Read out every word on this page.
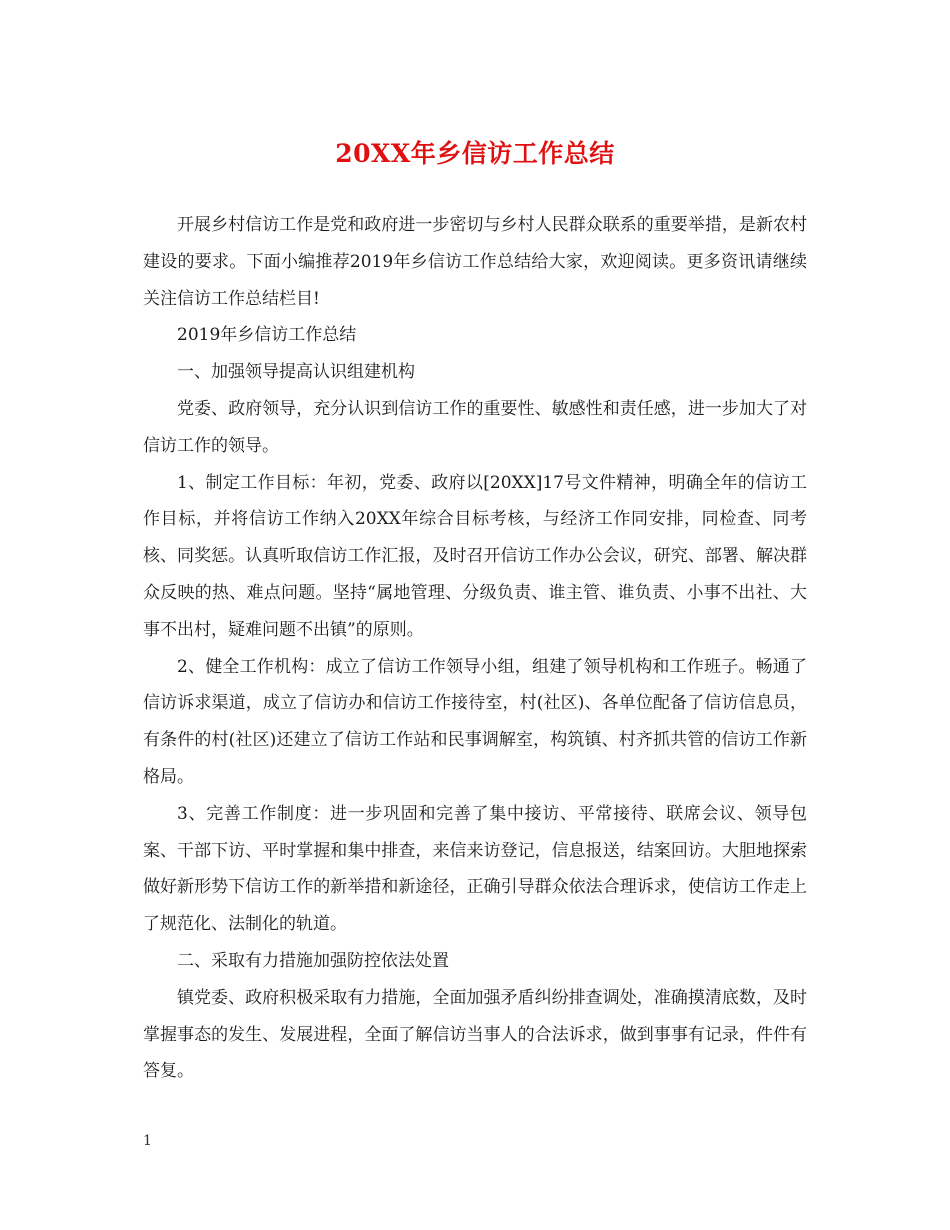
20XX年乡信访工作总结

开展乡村信访工作是党和政府进一步密切与乡村人民群众联系的重要举措，是新农村建设的要求。下面小编推荐2019年乡信访工作总结给大家，欢迎阅读。更多资讯请继续关注信访工作总结栏目!

2019年乡信访工作总结

一、加强领导提高认识组建机构

党委、政府领导，充分认识到信访工作的重要性、敏感性和责任感，进一步加大了对信访工作的领导。

1、制定工作目标：年初，党委、政府以[20XX]17号文件精神，明确全年的信访工作目标，并将信访工作纳入20XX年综合目标考核，与经济工作同安排，同检查、同考核、同奖惩。认真听取信访工作汇报，及时召开信访工作办公会议，研究、部署、解决群众反映的热、难点问题。坚持“属地管理、分级负责、谁主管、谁负责、小事不出社、大事不出村，疑难问题不出镇”的原则。

2、健全工作机构：成立了信访工作领导小组，组建了领导机构和工作班子。畅通了信访诉求渠道，成立了信访办和信访工作接待室，村(社区)、各单位配备了信访信息员，有条件的村(社区)还建立了信访工作站和民事调解室，构筑镇、村齐抓共管的信访工作新格局。

3、完善工作制度：进一步巩固和完善了集中接访、平常接待、联席会议、领导包案、干部下访、平时掌握和集中排查，来信来访登记，信息报送，结案回访。大胆地探索做好新形势下信访工作的新举措和新途径，正确引导群众依法合理诉求，使信访工作走上了规范化、法制化的轨道。

二、采取有力措施加强防控依法处置

镇党委、政府积极采取有力措施，全面加强矛盾纠纷排查调处，准确摸清底数，及时掌握事态的发生、发展进程，全面了解信访当事人的合法诉求，做到事事有记录，件件有答复。

1
